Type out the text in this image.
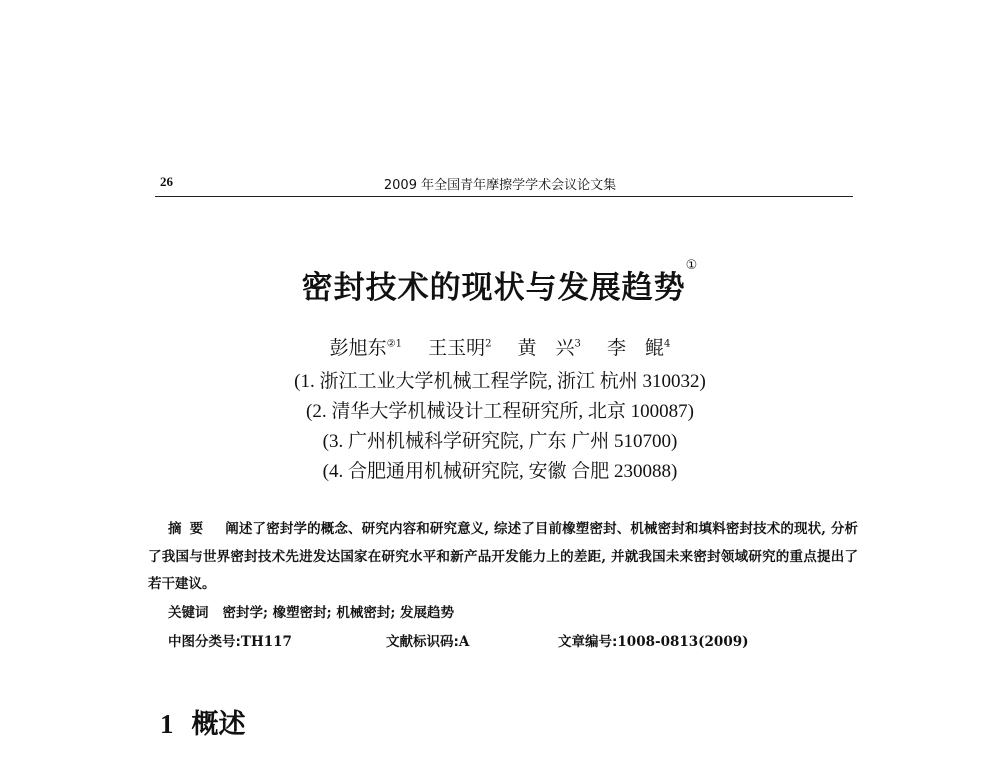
26	2009 年全国青年摩擦学学术会议论文集
密封技术的现状与发展趋势①
彭旭东$^{②1}$ 王玉明$^2$ 黄　兴$^3$ 李　鲲$^4$
(1. 浙江工业大学机械工程学院, 浙江 杭州 310032)
(2. 清华大学机械设计工程研究所, 北京 100087)
(3. 广州机械科学研究院, 广东 广州 510700)
(4. 合肥通用机械研究院, 安徽 合肥 230088)
摘要 阐述了密封学的概念、研究内容和研究意义, 综述了目前橡塑密封、机械密封和填料密封技术的现状, 分析了我国与世界密封技术先进发达国家在研究水平和新产品开发能力上的差距, 并就我国未来密封领域研究的重点提出了若干建议。
关键词 密封学; 橡塑密封; 机械密封; 发展趋势
中图分类号:TH117	文献标识码:A	文章编号:1008-0813(2009)
1 概述
